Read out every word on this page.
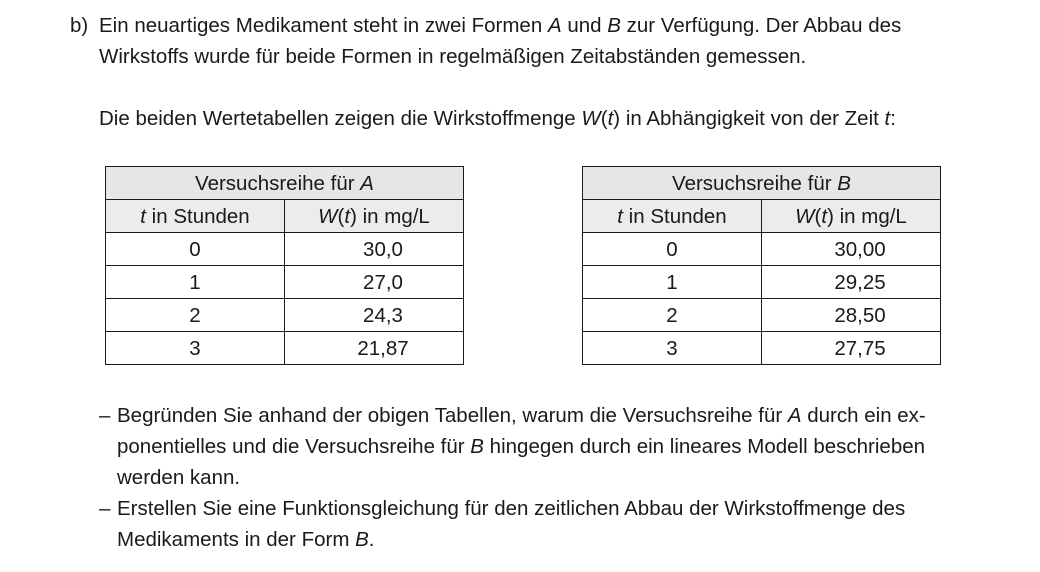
b) Ein neuartiges Medikament steht in zwei Formen A und B zur Verfügung. Der Abbau des

Wirkstoffs wurde für beide Formen in regelmäßigen Zeitabständen gemessen.

Die beiden Wertetabellen zeigen die Wirkstoffmenge W(t) in Abhängigkeit von der Zeit t:

Versuchsreihe für A	
t in Stunden	W(t) in mg/L
0	30,0
1	27,0
2	24,3
3	21,87
Versuchsreihe für B	
t in Stunden	W(t) in mg/L
0	30,00
1	29,25
2	28,50
3	27,75
– Begründen Sie anhand der obigen Tabellen, warum die Versuchsreihe für A durch ein ex-
ponentielles und die Versuchsreihe für B hingegen durch ein lineares Modell beschrieben
werden kann.
– Erstellen Sie eine Funktionsgleichung für den zeitlichen Abbau der Wirkstoffmenge des
Medikaments in der Form B.
